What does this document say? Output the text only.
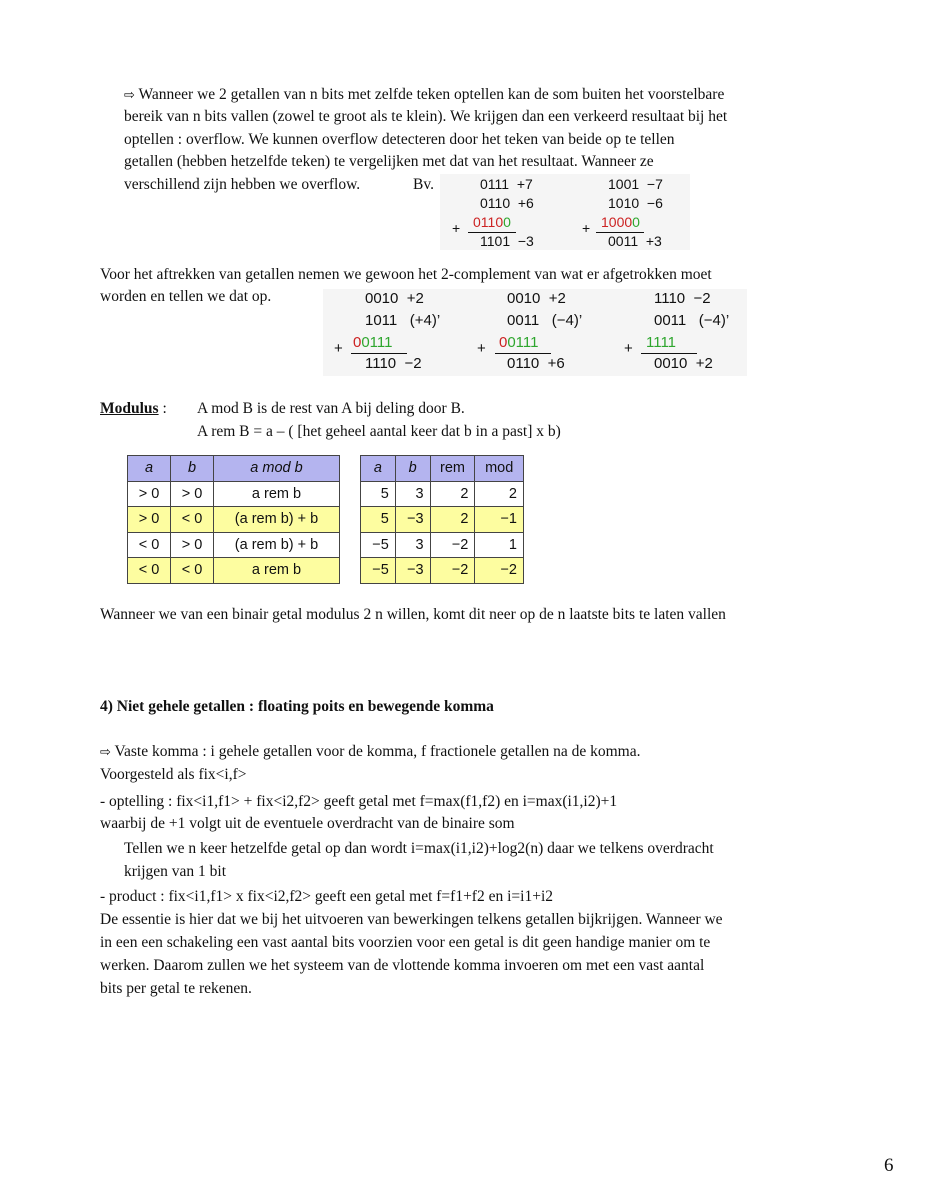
⇨ Wanneer we 2 getallen van n bits met zelfde teken optellen kan de som buiten het voorstelbare
bereik van n bits vallen (zowel te groot als te klein). We krijgen dan een verkeerd resultaat bij het
optellen : overflow. We kunnen overflow detecteren door het teken van beide op te tellen
getallen (hebben hetzelfde teken) te vergelijken met dat van het resultaat. Wanneer ze
verschillend zijn hebben we overflow.	Bv.	0111  +7
0110  +6
+ 01100
1101  −3
1001  −7
1010  −6
+ 10000
0011  +3
Voor het aftrekken van getallen nemen we gewoon het 2-complement van wat er afgetrokken moet
worden en tellen we dat op.	0010  +2
1011   (+4)’
+ 00111
1110  −2
0010  +2
0011   (−4)’
+ 00111
0110  +6
1110  −2
0011   (−4)’
+ 1111
0010  +2
Modulus : A mod B is de rest van A bij deling door B.
A rem B = a – ( [het geheel aantal keer dat b in a past] x b)
a	b	a mod b
> 0	> 0	a rem b
> 0	< 0	(a rem b) + b
< 0	> 0	(a rem b) + b
< 0	< 0	a rem b
a	b	rem	mod
5	3	2	2
5	−3	2	−1
−5	3	−2	1
−5	−3	−2	−2
Wanneer we van een binair getal modulus 2 n willen, komt dit neer op de n laatste bits te laten vallen
4) Niet gehele getallen : floating poits en bewegende komma
⇨ Vaste komma : i gehele getallen voor de komma, f fractionele getallen na de komma.
Voorgesteld als fix<i,f>
- optelling : fix<i1,f1> + fix<i2,f2> geeft getal met f=max(f1,f2) en i=max(i1,i2)+1
waarbij de +1 volgt uit de eventuele overdracht van de binaire som
Tellen we n keer hetzelfde getal op dan wordt i=max(i1,i2)+log2(n) daar we telkens overdracht
krijgen van 1 bit
- product : fix<i1,f1> x fix<i2,f2> geeft een getal met f=f1+f2 en i=i1+i2
De essentie is hier dat we bij het uitvoeren van bewerkingen telkens getallen bijkrijgen. Wanneer we
in een een schakeling een vast aantal bits voorzien voor een getal is dit geen handige manier om te
werken. Daarom zullen we het systeem van de vlottende komma invoeren om met een vast aantal
bits per getal te rekenen.
6
